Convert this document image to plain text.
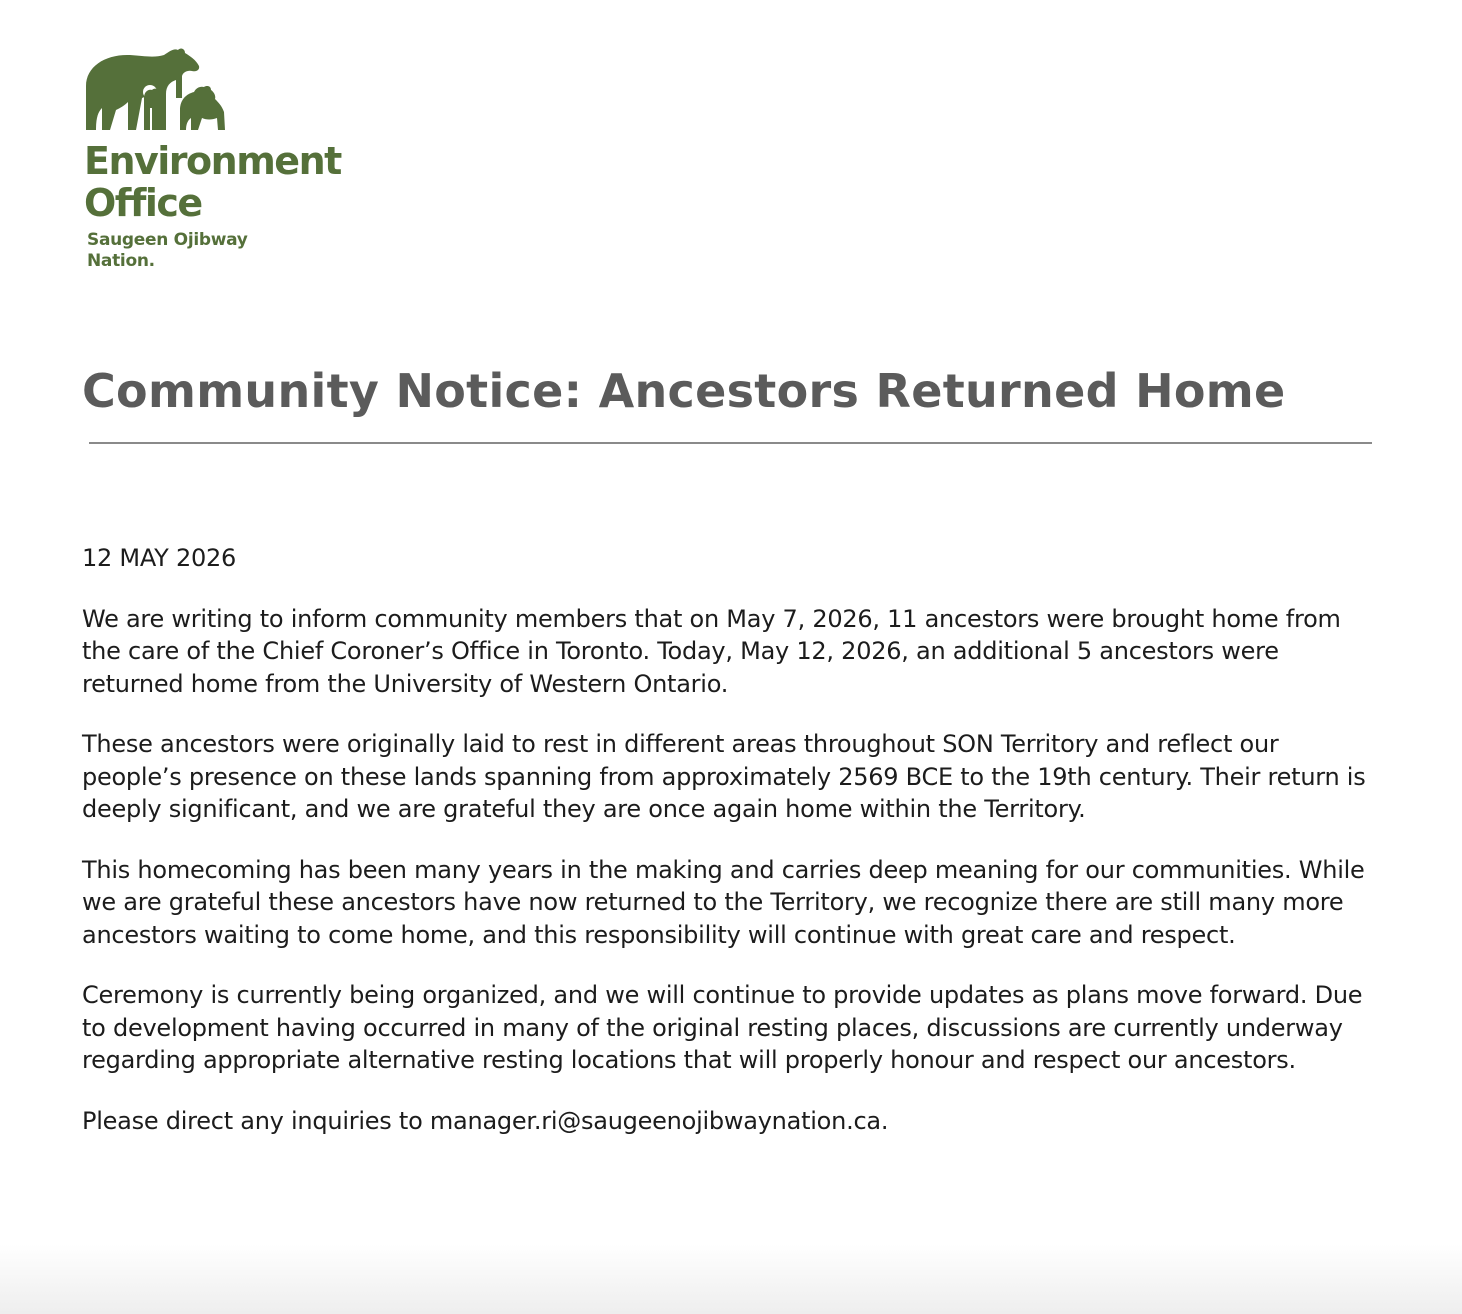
Environment
Office
Saugeen Ojibway
Nation.
Community Notice: Ancestors Returned Home

12 MAY 2026

We are writing to inform community members that on May 7, 2026, 11 ancestors were brought home from the care of the Chief Coroner’s Office in Toronto. Today, May 12, 2026, an additional 5 ancestors were returned home from the University of Western Ontario.

These ancestors were originally laid to rest in different areas throughout SON Territory and reflect our people’s presence on these lands spanning from approximately 2569 BCE to the 19th century. Their return is deeply significant, and we are grateful they are once again home within the Territory.

This homecoming has been many years in the making and carries deep meaning for our communities. While we are grateful these ancestors have now returned to the Territory, we recognize there are still many more ancestors waiting to come home, and this responsibility will continue with great care and respect.

Ceremony is currently being organized, and we will continue to provide updates as plans move forward. Due to development having occurred in many of the original resting places, discussions are currently underway regarding appropriate alternative resting locations that will properly honour and respect our ancestors.

Please direct any inquiries to manager.ri@saugeenojibwaynation.ca.
